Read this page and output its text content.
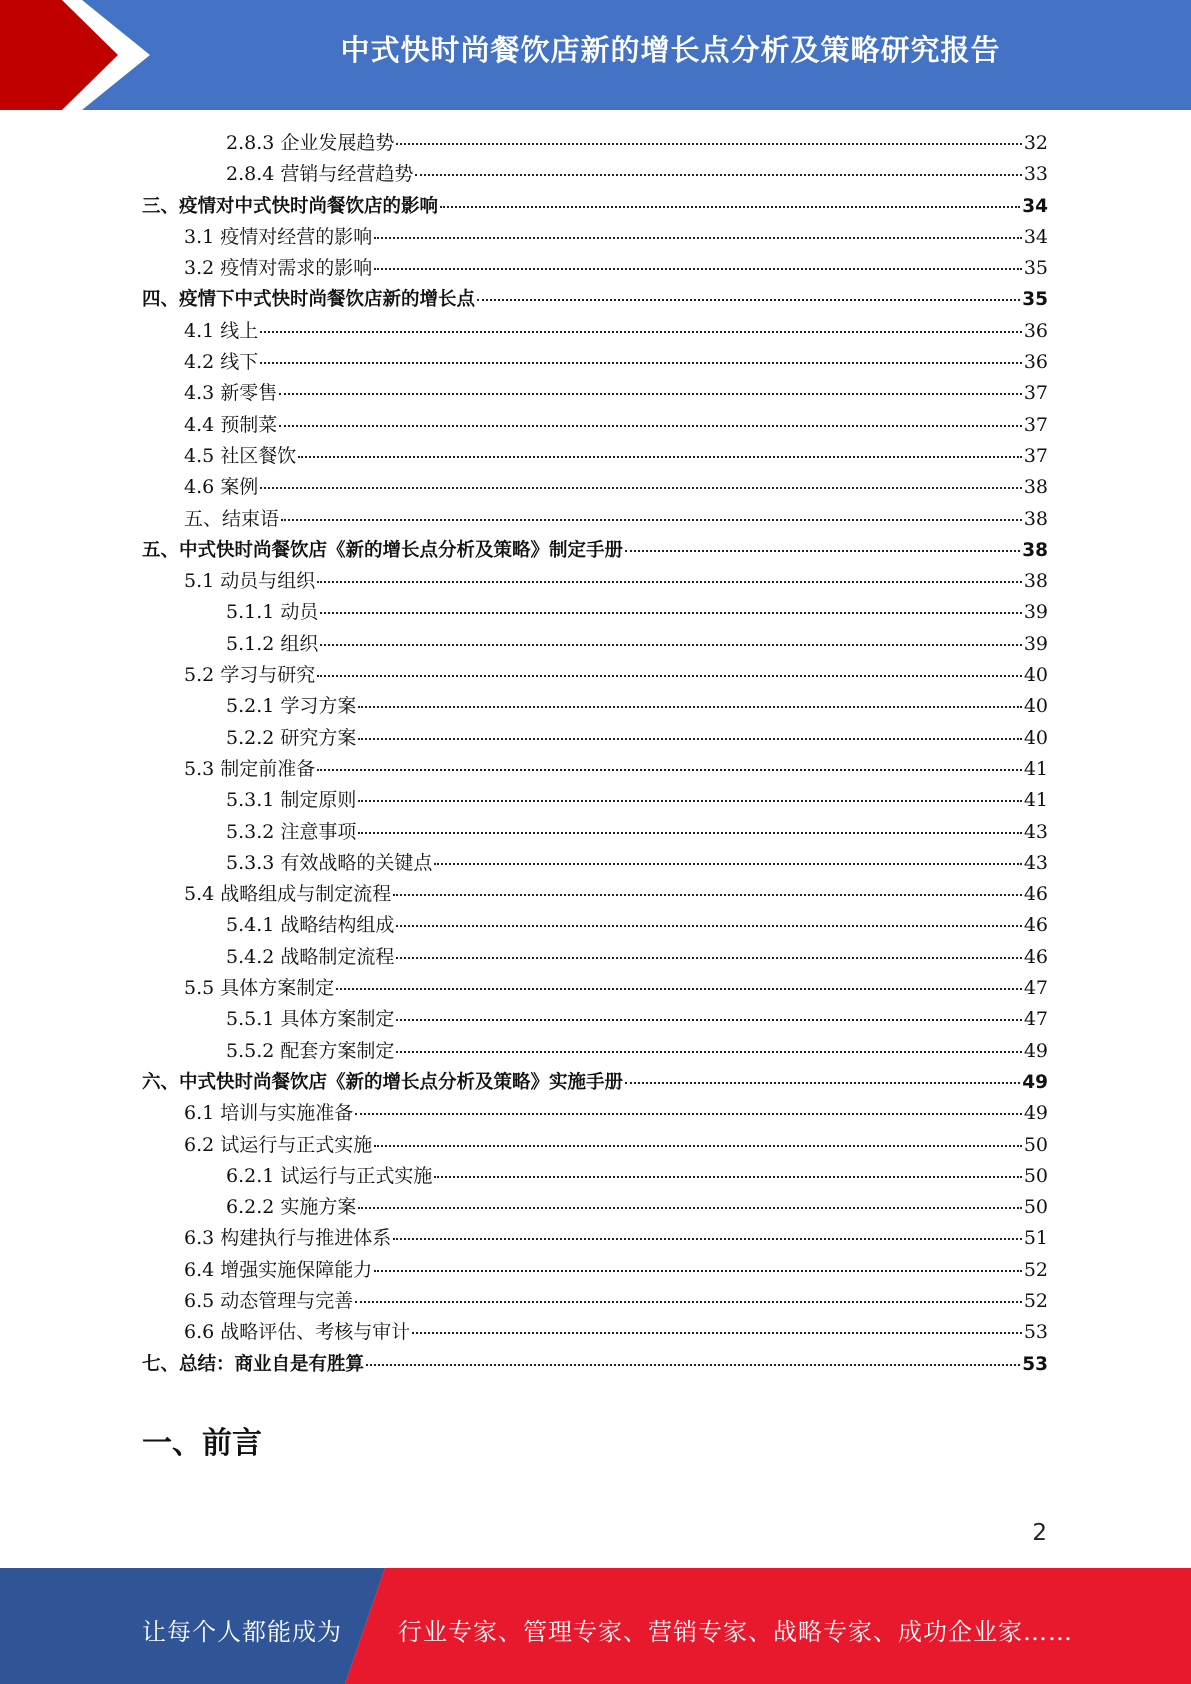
中式快时尚餐饮店新的增长点分析及策略研究报告
2.8.3 企业发展趋势	32
2.8.4 营销与经营趋势	33
三、疫情对中式快时尚餐饮店的影响	34
3.1 疫情对经营的影响	34
3.2 疫情对需求的影响	35
四、疫情下中式快时尚餐饮店新的增长点	35
4.1 线上	36
4.2 线下	36
4.3 新零售	37
4.4 预制菜	37
4.5 社区餐饮	37
4.6 案例	38
五、结束语	38
五、中式快时尚餐饮店《新的增长点分析及策略》制定手册	38
5.1 动员与组织	38
5.1.1 动员	39
5.1.2 组织	39
5.2 学习与研究	40
5.2.1 学习方案	40
5.2.2 研究方案	40
5.3 制定前准备	41
5.3.1 制定原则	41
5.3.2 注意事项	43
5.3.3 有效战略的关键点	43
5.4 战略组成与制定流程	46
5.4.1 战略结构组成	46
5.4.2 战略制定流程	46
5.5 具体方案制定	47
5.5.1 具体方案制定	47
5.5.2 配套方案制定	49
六、中式快时尚餐饮店《新的增长点分析及策略》实施手册	49
6.1 培训与实施准备	49
6.2 试运行与正式实施	50
6.2.1 试运行与正式实施	50
6.2.2 实施方案	50
6.3 构建执行与推进体系	51
6.4 增强实施保障能力	52
6.5 动态管理与完善	52
6.6 战略评估、考核与审计	53
七、总结：商业自是有胜算	53
一、前言
2
让每个人都能成为 行业专家、管理专家、营销专家、战略专家、成功企业家……
